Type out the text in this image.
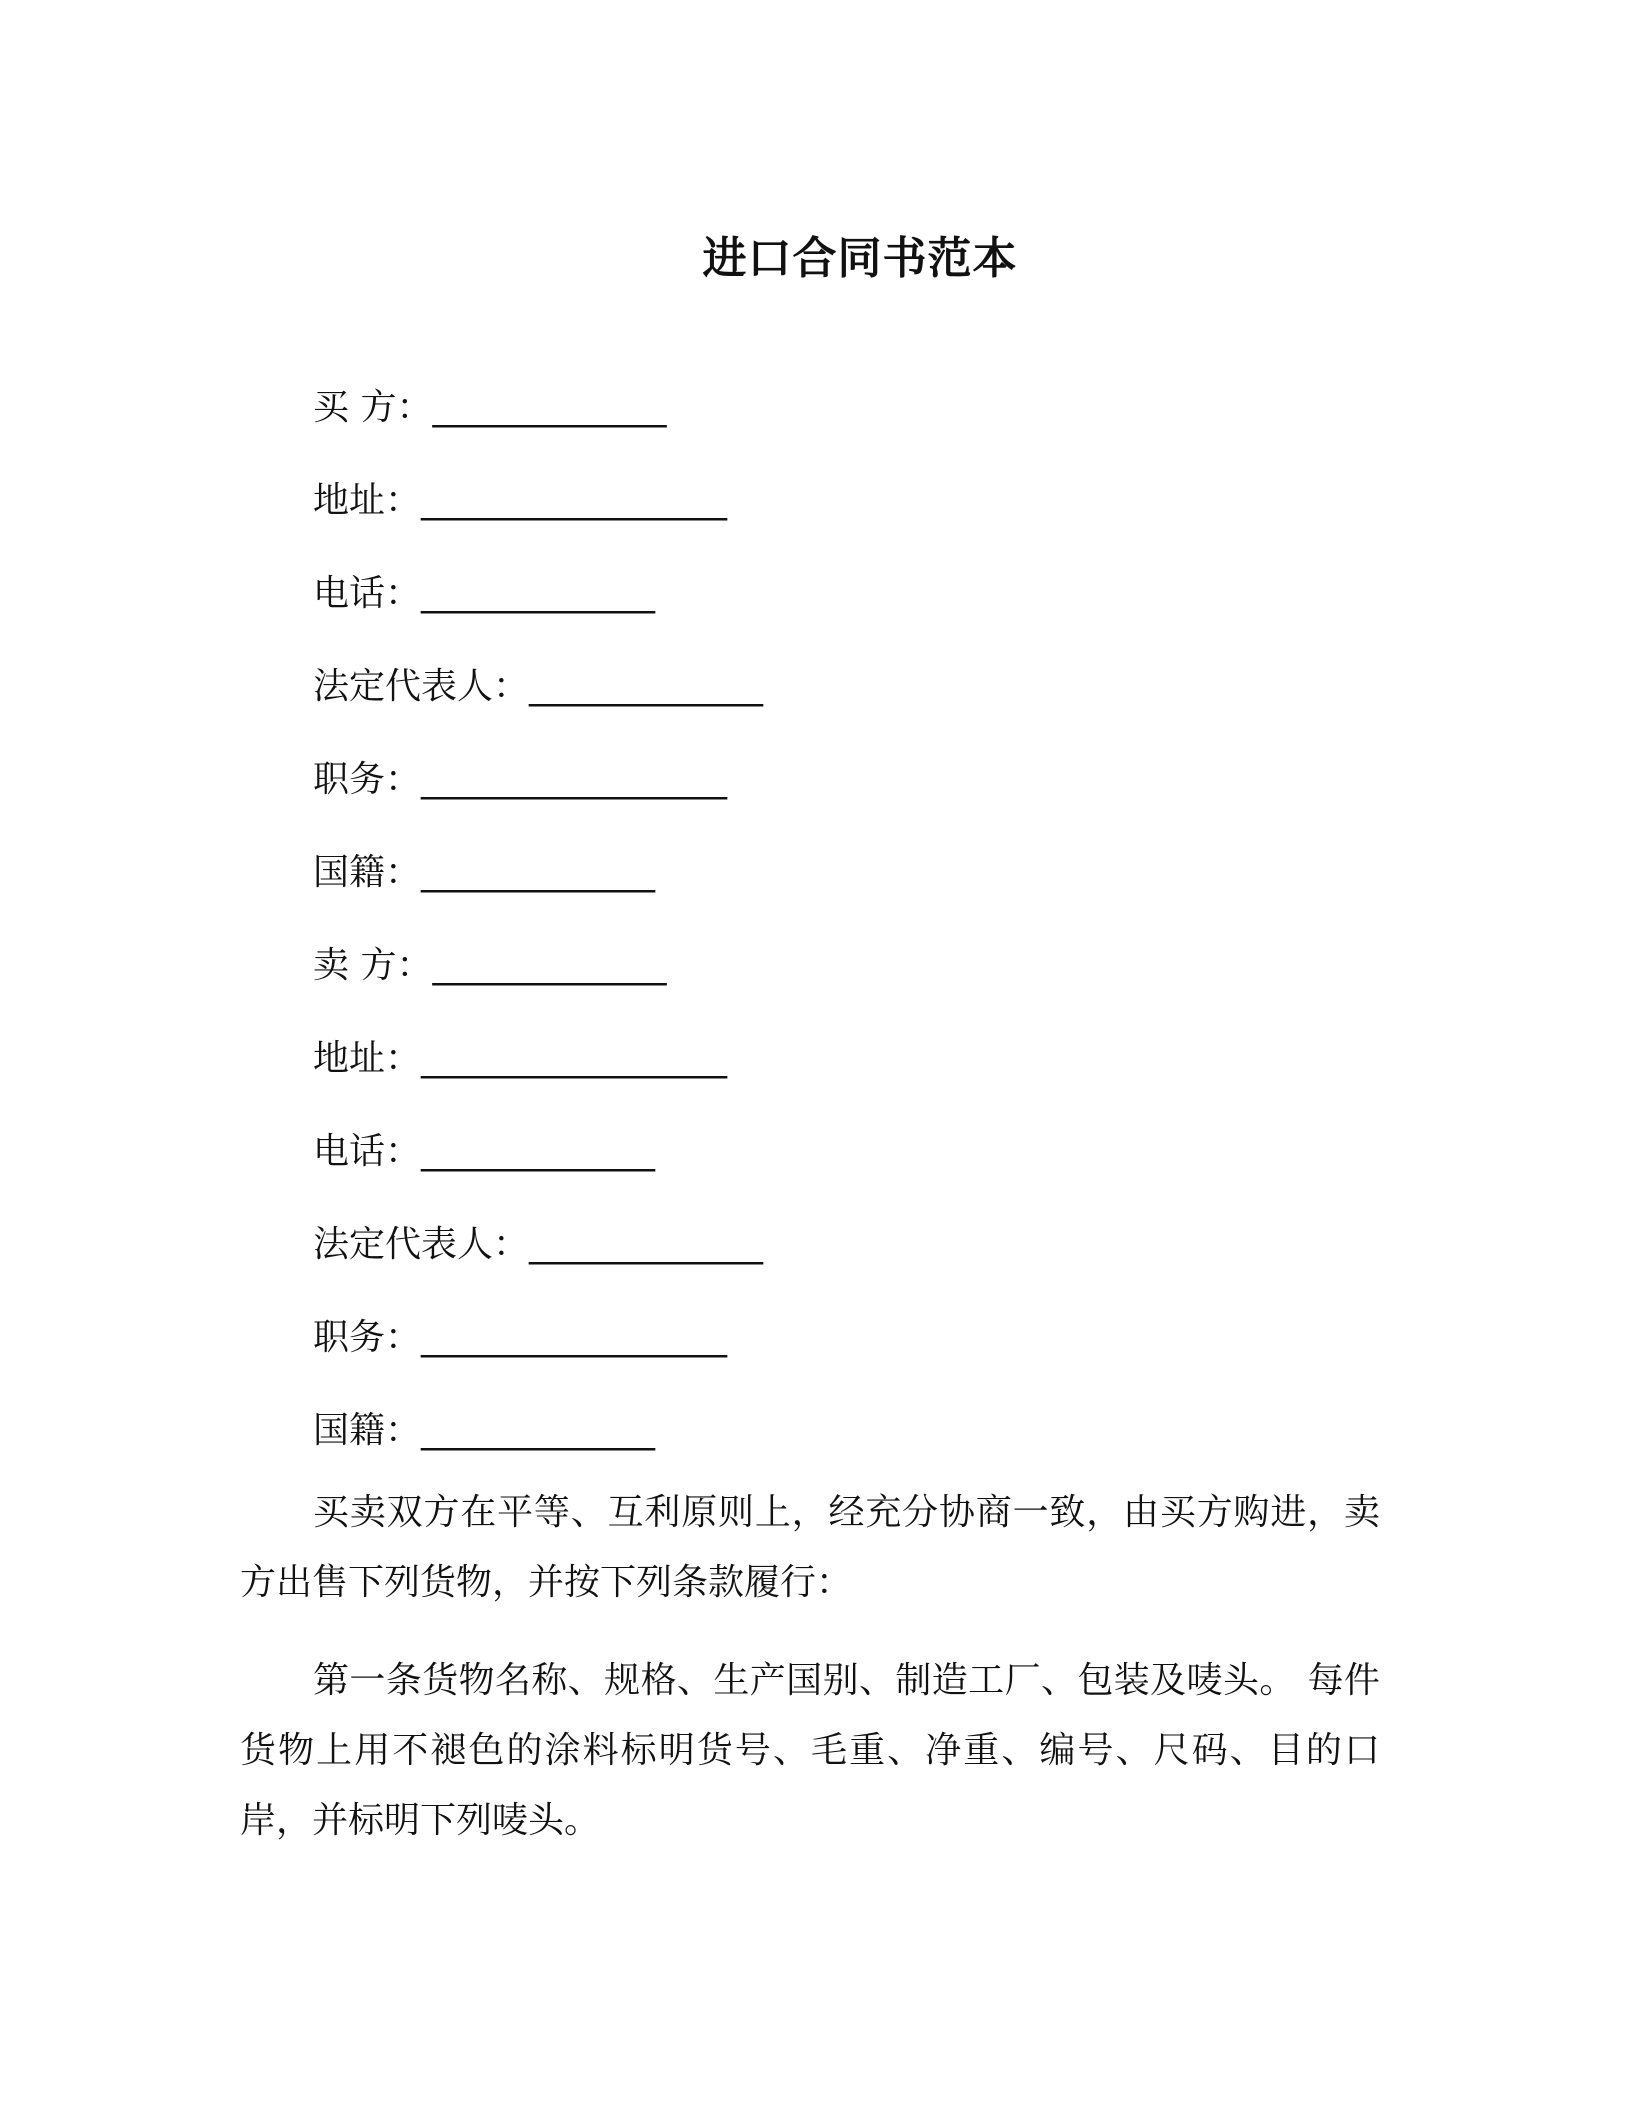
进口合同书范本
买 方：_____________
地址：_________________
电话：_____________
法定代表人：_____________
职务：_________________
国籍：_____________
卖 方：_____________
地址：_________________
电话：_____________
法定代表人：_____________
职务：_________________
国籍：_____________

买卖双方在平等、互利原则上，经充分协商一致，由买方购进，卖方出售下列货物，并按下列条款履行：

第一条货物名称、规格、生产国别、制造工厂、包装及唛头。 每件货物上用不褪色的涂料标明货号、毛重、净重、编号、尺码、目的口岸，并标明下列唛头。
